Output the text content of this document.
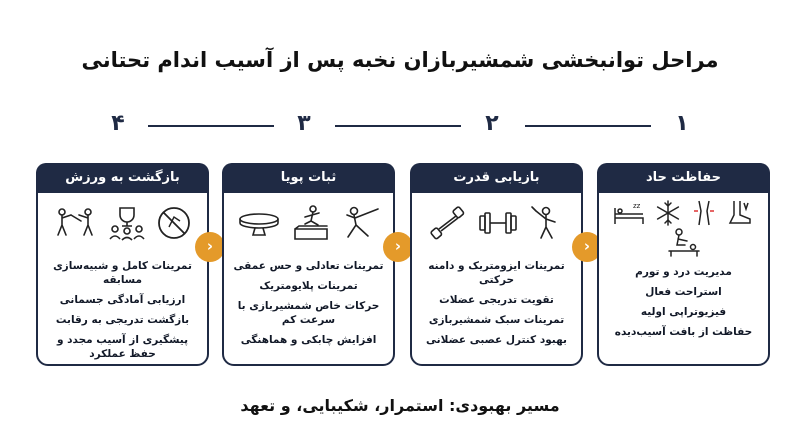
مراحل توانبخشی شمشیربازان نخبه پس از آسیب اندام تحتانی
۱
۲
۳
۴
بازگشت به ورزش

تمرینات کامل و شبیه‌سازی مسابقه
ارزیابی آمادگی جسمانی
بازگشت تدریجی به رقابت
پیشگیری از آسیب مجدد و حفظ عملکرد
›
ثبات پویا

تمرینات تعادلی و حس عمقی
تمرینات پلایومتریک
حرکات خاص شمشیربازی با سرعت کم
افزایش چابکی و هماهنگی
›
بازیابی قدرت

تمرینات ایزومتریک و دامنه حرکتی
تقویت تدریجی عضلات
تمرینات سبک شمشیربازی
بهبود کنترل عصبی عضلانی
›
حفاظت حاد
zz

مدیریت درد و تورم
استراحت فعال
فیزیوتراپی اولیه
حفاظت از بافت آسیب‌دیده
مسیر بهبودی: استمرار، شکیبایی، و تعهد
